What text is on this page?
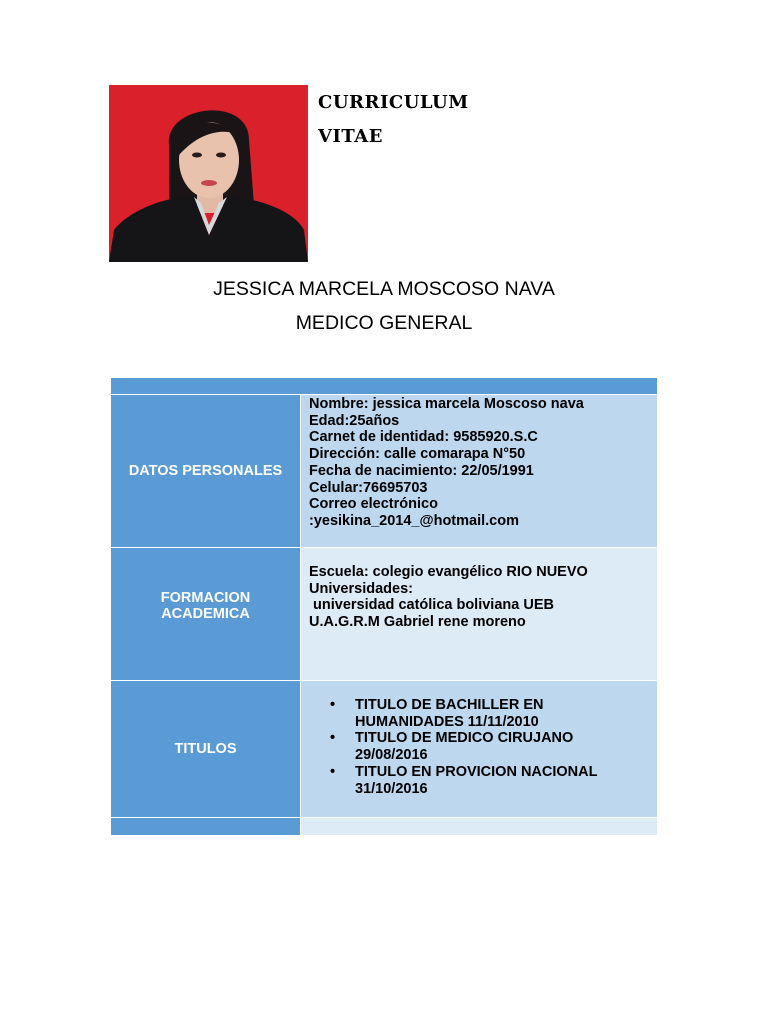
CURRICULUM
VITAE
JESSICA MARCELA MOSCOSO NAVA
MEDICO GENERAL
DATOS PERSONALES
Nombre: jessica marcela Moscoso nava
Edad:25años
Carnet de identidad: 9585920.S.C
Dirección: calle comarapa N°50
Fecha de nacimiento: 22/05/1991
Celular:76695703
Correo electrónico
:yesikina_2014_@hotmail.com
FORMACION
ACADEMICA
Escuela: colegio evangélico RIO NUEVO
Universidades:
universidad católica boliviana UEB
U.A.G.R.M Gabriel rene moreno
TITULOS
• TITULO DE BACHILLER EN
HUMANIDADES 11/11/2010
• TITULO DE MEDICO CIRUJANO
29/08/2016
• TITULO EN PROVICION NACIONAL
31/10/2016
